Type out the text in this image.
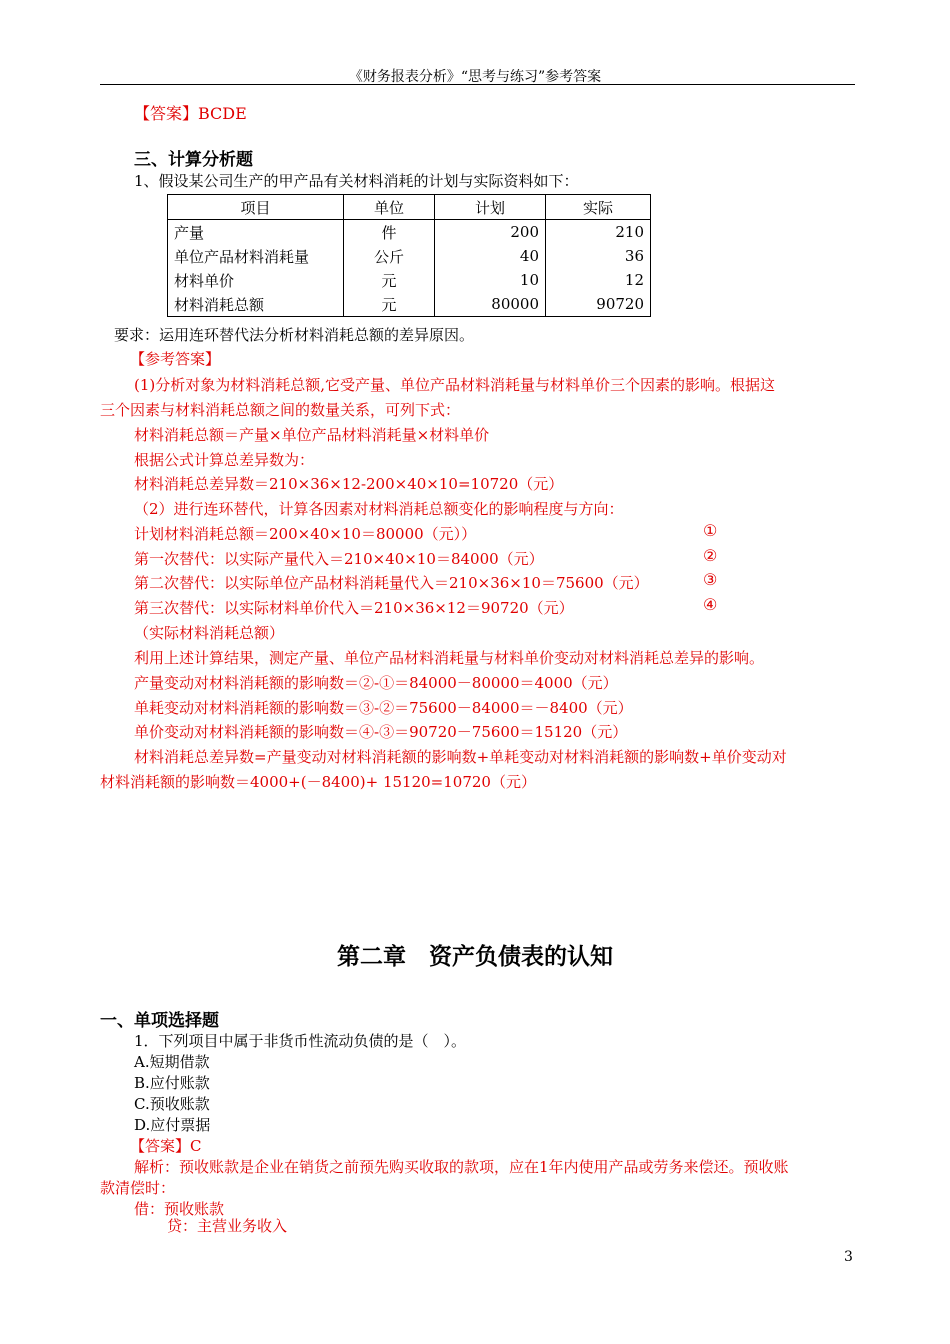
《财务报表分析》“思考与练习”参考答案
【答案】BCDE
三、计算分析题
1、假设某公司生产的甲产品有关材料消耗的计划与实际资料如下：
项目	单位	计划	实际
产量	件	200	210
单位产品材料消耗量	公斤	40	36
材料单价	元	10	12
材料消耗总额	元	80000	90720
要求：运用连环替代法分析材料消耗总额的差异原因。
【参考答案】
(1)分析对象为材料消耗总额,它受产量、单位产品材料消耗量与材料单价三个因素的影响。根据这
三个因素与材料消耗总额之间的数量关系，可列下式：
材料消耗总额＝产量×单位产品材料消耗量×材料单价
根据公式计算总差异数为：
材料消耗总差异数＝210×36×12-200×40×10=10720（元）
（2）进行连环替代，计算各因素对材料消耗总额变化的影响程度与方向：
计划材料消耗总额＝200×40×10＝80000（元））
第一次替代：以实际产量代入＝210×40×10＝84000（元）
第二次替代：以实际单位产品材料消耗量代入＝210×36×10＝75600（元）
第三次替代：以实际材料单价代入＝210×36×12＝90720（元）
（实际材料消耗总额）
利用上述计算结果，测定产量、单位产品材料消耗量与材料单价变动对材料消耗总差异的影响。
产量变动对材料消耗额的影响数＝②-①＝84000－80000＝4000（元）
单耗变动对材料消耗额的影响数＝③-②＝75600－84000＝－8400（元）
单价变动对材料消耗额的影响数＝④-③＝90720－75600＝15120（元）
材料消耗总差异数=产量变动对材料消耗额的影响数+单耗变动对材料消耗额的影响数+单价变动对
材料消耗额的影响数＝4000+(－8400)+ 15120=10720（元）
①
②
③
④
第二章　资产负债表的认知
一、单项选择题
1．下列项目中属于非货币性流动负债的是（　）。
A.短期借款
B.应付账款
C.预收账款
D.应付票据
【答案】C
解析：预收账款是企业在销货之前预先购买收取的款项，应在1年内使用产品或劳务来偿还。预收账
款清偿时：
借：预收账款
贷：主营业务收入
3
